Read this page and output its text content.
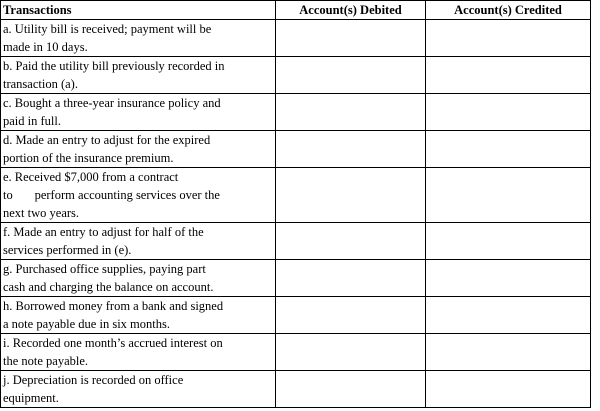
Transactions	Account(s) Debited	Account(s) Credited

a. Utility bill is received; payment will be
made in 10 days.		

b. Paid the utility bill previously recorded in
transaction (a).		

c. Bought a three-year insurance policy and
paid in full.		

d. Made an entry to adjust for the expired
portion of the insurance premium.		

e. Received $7,000 from a contract
to       perform accounting services over the
next two years.		

f. Made an entry to adjust for half of the
services performed in (e).		

g. Purchased office supplies, paying part
cash and charging the balance on account.		

h. Borrowed money from a bank and signed
a note payable due in six months.		

i. Recorded one month’s accrued interest on
the note payable.		

j. Depreciation is recorded on office
equipment.		
